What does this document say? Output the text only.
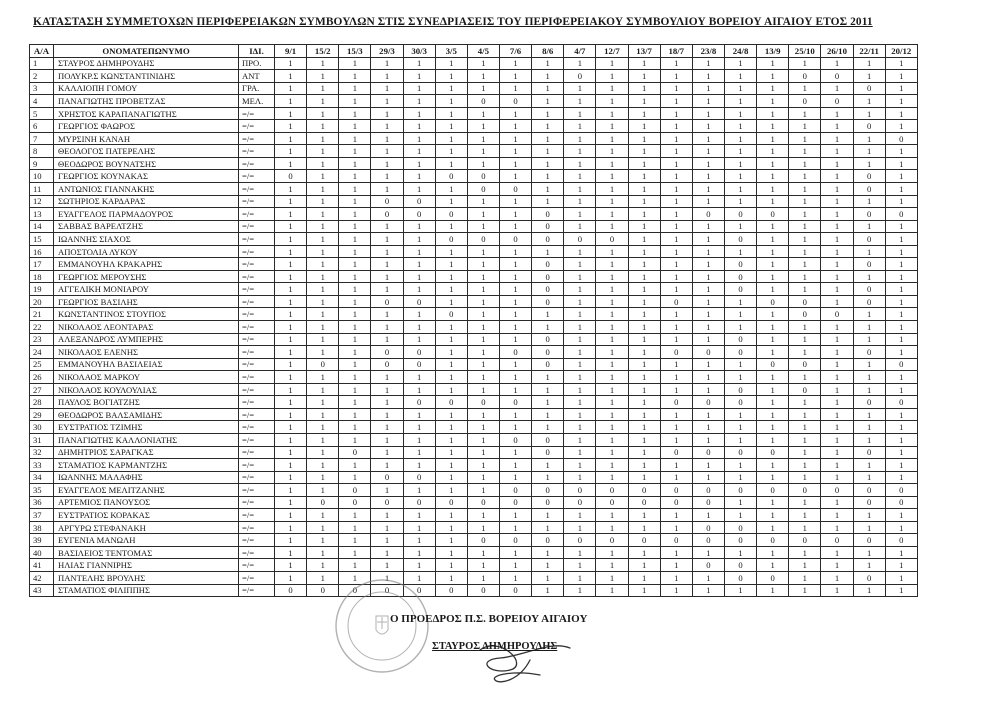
ΚΑΤΑΣΤΑΣΗ ΣΥΜΜΕΤΟΧΩΝ ΠΕΡΙΦΕΡΕΙΑΚΩΝ ΣΥΜΒΟΥΛΩΝ ΣΤΙΣ ΣΥΝΕΔΡΙΑΣΕΙΣ ΤΟΥ ΠΕΡΙΦΕΡΕΙΑΚΟΥ ΣΥΜΒΟΥΛΙΟΥ ΒΟΡΕΙΟΥ ΑΙΓΑΙΟΥ ΕΤΟΣ 2011
Α/Α	ΟΝΟΜΑΤΕΠΩΝΥΜΟ	ΙΔΙ.	9/1	15/2	15/3	29/3	30/3	3/5	4/5	7/6	8/6	4/7	12/7	13/7	18/7	23/8	24/8	13/9	25/10	26/10	22/11	20/12
1	ΣΤΑΥΡΟΣ ΔΗΜΗΡΟΥΔΗΣ	ΠΡΟ.	1	1	1	1	1	1	1	1	1	1	1	1	1	1	1	1	1	1	1	1
2	ΠΟΛΥΚΡ.Σ ΚΩΝΣΤΑΝΤΙΝΙΔΗΣ	ΑΝΤ	1	1	1	1	1	1	1	1	1	0	1	1	1	1	1	1	0	0	1	1
3	ΚΑΛΛΙΟΠΗ ΓΟΜΟΥ	ΓΡΑ.	1	1	1	1	1	1	1	1	1	1	1	1	1	1	1	1	1	1	0	1
4	ΠΑΝΑΓΙΩΤΗΣ ΠΡΟΒΕΤΖΑΣ	ΜΕΛ.	1	1	1	1	1	1	0	0	1	1	1	1	1	1	1	1	0	0	1	1
5	ΧΡΗΣΤΟΣ ΚΑΡΑΠΑΝΑΓΙΩΤΗΣ	=/=	1	1	1	1	1	1	1	1	1	1	1	1	1	1	1	1	1	1	1	1
6	ΓΕΩΡΓΙΟΣ ΦΑΩΡΟΣ	=/=	1	1	1	1	1	1	1	1	1	1	1	1	1	1	1	1	1	1	0	1
7	ΜΥΡΣΙΝΗ ΚΑΝΑΗ	=/=	1	1	1	1	1	1	1	1	1	1	1	1	1	1	1	1	1	1	1	0
8	ΘΕΟΛΟΓΟΣ ΠΑΤΕΡΕΛΗΣ	=/=	1	1	1	1	1	1	1	1	1	1	1	1	1	1	1	1	1	1	1	1
9	ΘΕΟΔΩΡΟΣ ΒΟΥΝΑΤΣΗΣ	=/=	1	1	1	1	1	1	1	1	1	1	1	1	1	1	1	1	1	1	1	1
10	ΓΕΩΡΓΙΟΣ ΚΟΥΝΑΚΑΣ	=/=	0	1	1	1	1	0	0	1	1	1	1	1	1	1	1	1	1	1	0	1
11	ΑΝΤΩΝΙΟΣ ΓΙΑΝΝΑΚΗΣ	=/=	1	1	1	1	1	1	0	0	1	1	1	1	1	1	1	1	1	1	0	1
12	ΣΩΤΗΡΙΟΣ ΚΑΡΔΑΡΑΣ	=/=	1	1	1	0	0	1	1	1	1	1	1	1	1	1	1	1	1	1	1	1
13	ΕΥΑΓΓΕΛΟΣ ΠΑΡΜΑΔΟΥΡΟΣ	=/=	1	1	1	0	0	0	1	1	0	1	1	1	1	0	0	0	1	1	0	0
14	ΣΑΒΒΑΣ ΒΑΡΕΛΤΖΗΣ	=/=	1	1	1	1	1	1	1	1	0	1	1	1	1	1	1	1	1	1	1	1
15	ΙΩΑΝΝΗΣ ΣΙΑΧΟΣ	=/=	1	1	1	1	1	0	0	0	0	0	0	1	1	1	0	1	1	1	0	1
16	ΑΠΟΣΤΟΛΙΑ ΛΥΚΟΥ	=/=	1	1	1	1	1	1	1	1	1	1	1	1	1	1	1	1	1	1	1	1
17	ΕΜΜΑΝΟΥΗΛ ΚΡΑΚΑΡΗΣ	=/=	1	1	1	1	1	1	1	1	0	1	1	1	1	1	0	1	1	1	0	1
18	ΓΕΩΡΓΙΟΣ ΜΕΡΟΥΣΗΣ	=/=	1	1	1	1	1	1	1	1	0	1	1	1	1	1	0	1	1	1	1	1
19	ΑΓΓΕΛΙΚΗ ΜΟΝΙΑΡΟΥ	=/=	1	1	1	1	1	1	1	1	0	1	1	1	1	1	0	1	1	1	0	1
20	ΓΕΩΡΓΙΟΣ ΒΑΣΙΛΗΣ	=/=	1	1	1	0	0	1	1	1	0	1	1	1	0	1	1	0	0	1	0	1
21	ΚΩΝΣΤΑΝΤΙΝΟΣ ΣΤΟΥΠΟΣ	=/=	1	1	1	1	1	0	1	1	1	1	1	1	1	1	1	1	0	0	1	1
22	ΝΙΚΟΛΑΟΣ ΛΕΟΝΤΑΡΑΣ	=/=	1	1	1	1	1	1	1	1	1	1	1	1	1	1	1	1	1	1	1	1
23	ΑΛΕΞΑΝΔΡΟΣ ΛΥΜΠΕΡΗΣ	=/=	1	1	1	1	1	1	1	1	0	1	1	1	1	1	0	1	1	1	1	1
24	ΝΙΚΟΛΑΟΣ ΕΛΕΝΗΣ	=/=	1	1	1	0	0	1	1	0	0	1	1	1	0	0	0	1	1	1	0	1
25	ΕΜΜΑΝΟΥΗΛ ΒΑΣΙΛΕΙΑΣ	=/=	1	0	1	0	0	1	1	1	0	1	1	1	1	1	1	0	0	1	1	0
26	ΝΙΚΟΛΑΟΣ ΜΑΡΚΟΥ	=/=	1	1	1	1	1	1	1	1	1	1	1	1	1	1	1	1	1	1	1	1
27	ΝΙΚΟΛΑΟΣ ΚΟΥΛΟΥΛΙΑΣ	=/=	1	1	1	1	1	1	1	1	1	1	1	1	1	1	0	1	0	1	1	1
28	ΠΑΥΛΟΣ ΒΟΓΙΑΤΖΗΣ	=/=	1	1	1	1	0	0	0	0	1	1	1	1	0	0	0	1	1	1	0	0
29	ΘΕΟΔΩΡΟΣ ΒΑΛΣΑΜΙΔΗΣ	=/=	1	1	1	1	1	1	1	1	1	1	1	1	1	1	1	1	1	1	1	1
30	ΕΥΣΤΡΑΤΙΟΣ ΤΖΙΜΗΣ	=/=	1	1	1	1	1	1	1	1	1	1	1	1	1	1	1	1	1	1	1	1
31	ΠΑΝΑΓΙΩΤΗΣ ΚΑΛΛΟΝΙΑΤΗΣ	=/=	1	1	1	1	1	1	1	0	0	1	1	1	1	1	1	1	1	1	1	1
32	ΔΗΜΗΤΡΙΟΣ ΣΑΡΑΓΚΑΣ	=/=	1	1	0	1	1	1	1	1	0	1	1	1	0	0	0	0	1	1	0	1
33	ΣΤΑΜΑΤΙΟΣ ΚΑΡΜΑΝΤΖΗΣ	=/=	1	1	1	1	1	1	1	1	1	1	1	1	1	1	1	1	1	1	1	1
34	ΙΩΑΝΝΗΣ ΜΑΛΑΦΗΣ	=/=	1	1	1	0	0	1	1	1	1	1	1	1	1	1	1	1	1	1	1	1
35	ΕΥΑΓΓΕΛΟΣ ΜΕΛΙΤΖΑΝΗΣ	=/=	1	1	0	1	1	1	1	0	0	0	0	0	0	0	0	0	0	0	0	0
36	ΑΡΤΕΜΙΟΣ ΠΑΝΟΥΣΟΣ	=/=	1	0	0	0	0	0	0	0	0	0	0	0	0	0	1	1	1	1	0	0
37	ΕΥΣΤΡΑΤΙΟΣ ΚΟΡΑΚΑΣ	=/=	1	1	1	1	1	1	1	1	1	1	1	1	1	1	1	1	1	1	1	1
38	ΑΡΓΥΡΩ ΣΤΕΦΑΝΑΚΗ	=/=	1	1	1	1	1	1	1	1	1	1	1	1	1	0	0	1	1	1	1	1
39	ΕΥΓΕΝΙΑ ΜΑΝΩΛΗ	=/=	1	1	1	1	1	1	0	0	0	0	0	0	0	0	0	0	0	0	0	0
40	ΒΑΣΙΛΕΙΟΣ ΤΕΝΤΟΜΑΣ	=/=	1	1	1	1	1	1	1	1	1	1	1	1	1	1	1	1	1	1	1	1
41	ΗΛΙΑΣ ΓΙΑΝΝΙΡΗΣ	=/=	1	1	1	1	1	1	1	1	1	1	1	1	1	0	0	1	1	1	1	1
42	ΠΑΝΤΕΛΗΣ ΒΡΟΥΛΗΣ	=/=	1	1	1	1	1	1	1	1	1	1	1	1	1	1	0	0	1	1	0	1
43	ΣΤΑΜΑΤΙΟΣ ΦΙΛΙΠΠΗΣ	=/=	0	0	0	0	0	0	0	0	1	1	1	1	1	1	1	1	1	1	1	1
Ο ΠΡΟΕΔΡΟΣ Π.Σ. ΒΟΡΕΙΟΥ ΑΙΓΑΙΟΥ
ΣΤΑΥΡΟΣ ΔΗΜΗΡΟΥΔΗΣ
